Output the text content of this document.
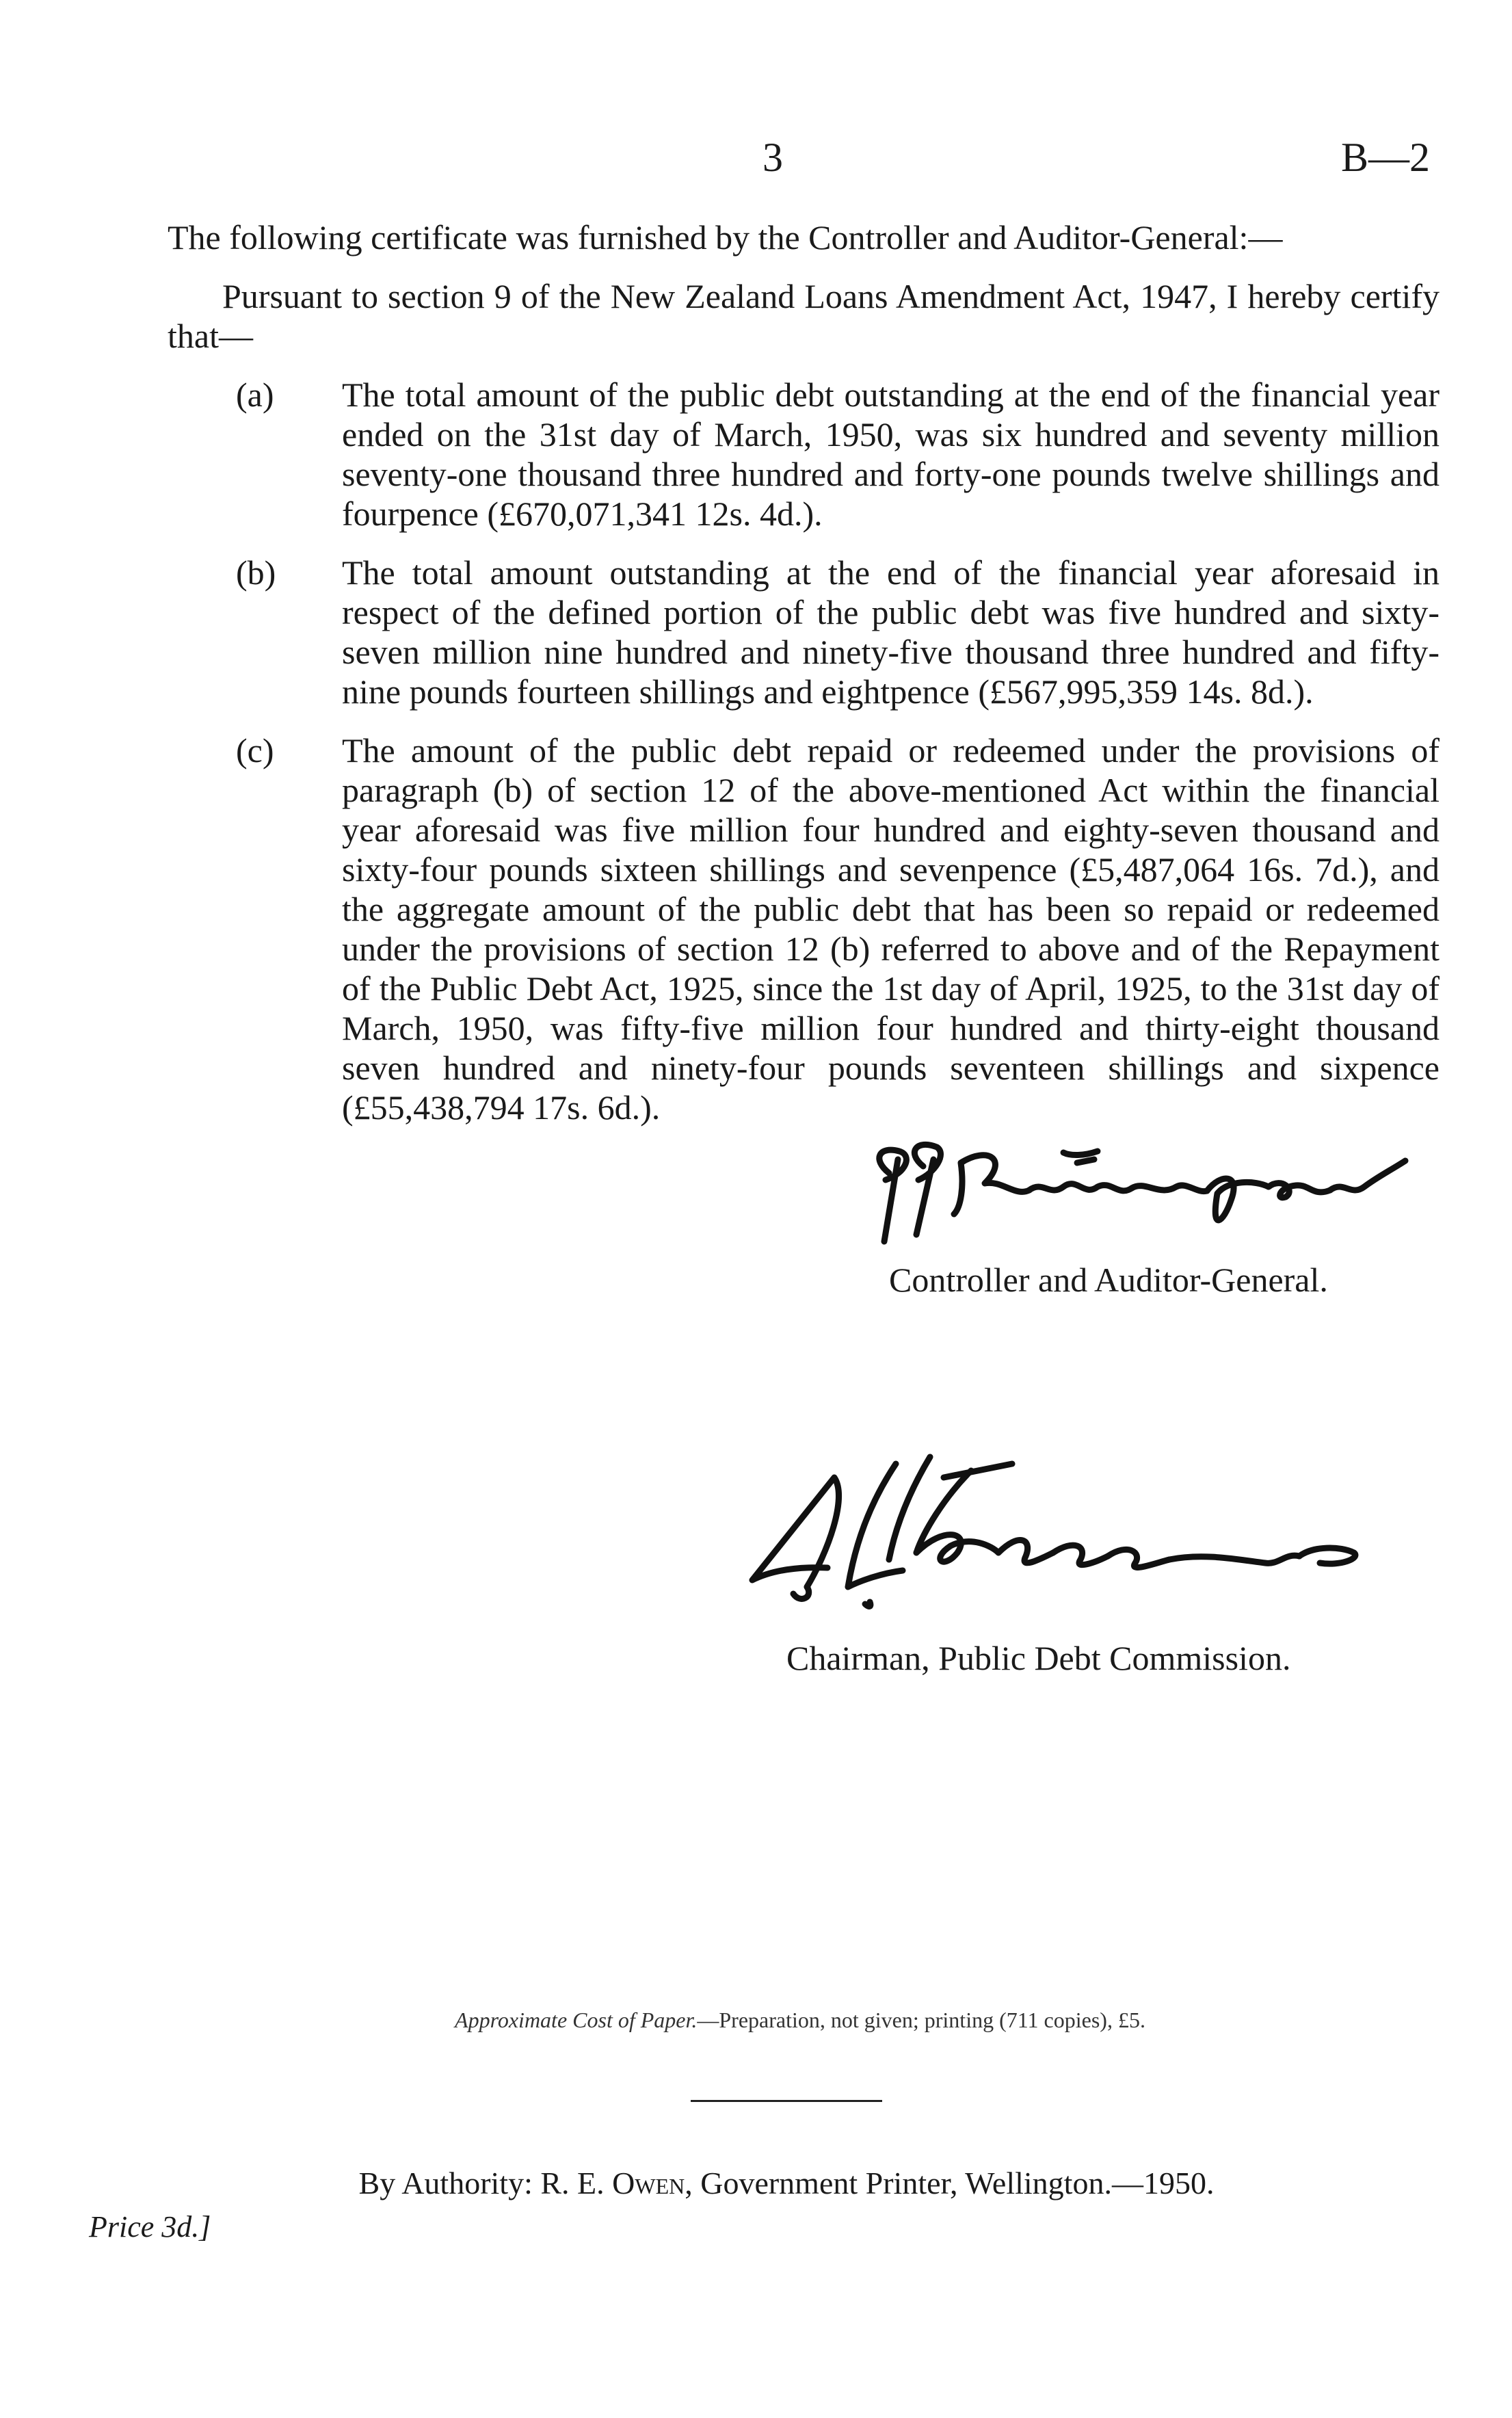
3	B—2

The following certificate was furnished by the Controller and Auditor-General:—

Pursuant to section 9 of the New Zealand Loans Amendment Act, 1947, I hereby certify that—

(a) The total amount of the public debt outstanding at the end of the financial year ended on the 31st day of March, 1950, was six hundred and seventy million seventy-one thousand three hundred and forty-one pounds twelve shillings and fourpence (£670,071,341 12s. 4d.).
(b) The total amount outstanding at the end of the financial year aforesaid in respect of the defined portion of the public debt was five hundred and sixty-seven million nine hundred and ninety-five thousand three hundred and fifty-nine pounds fourteen shillings and eightpence (£567,995,359 14s. 8d.).
(c) The amount of the public debt repaid or redeemed under the provisions of paragraph (b) of section 12 of the above-mentioned Act within the financial year aforesaid was five million four hundred and eighty-seven thousand and sixty-four pounds sixteen shillings and sevenpence (£5,487,064 16s. 7d.), and the aggregate amount of the public debt that has been so repaid or redeemed under the provisions of section 12 (b) referred to above and of the Repayment of the Public Debt Act, 1925, since the 1st day of April, 1925, to the 31st day of March, 1950, was fifty-five million four hundred and thirty-eight thousand seven hundred and ninety-four pounds seventeen shillings and sixpence (£55,438,794 17s. 6d.).
Controller and Auditor-General.
Chairman, Public Debt Commission.
Approximate Cost of Paper.—Preparation, not given; printing (711 copies), £5.
By Authority: R. E. Owen, Government Printer, Wellington.—1950.
Price 3d.]
